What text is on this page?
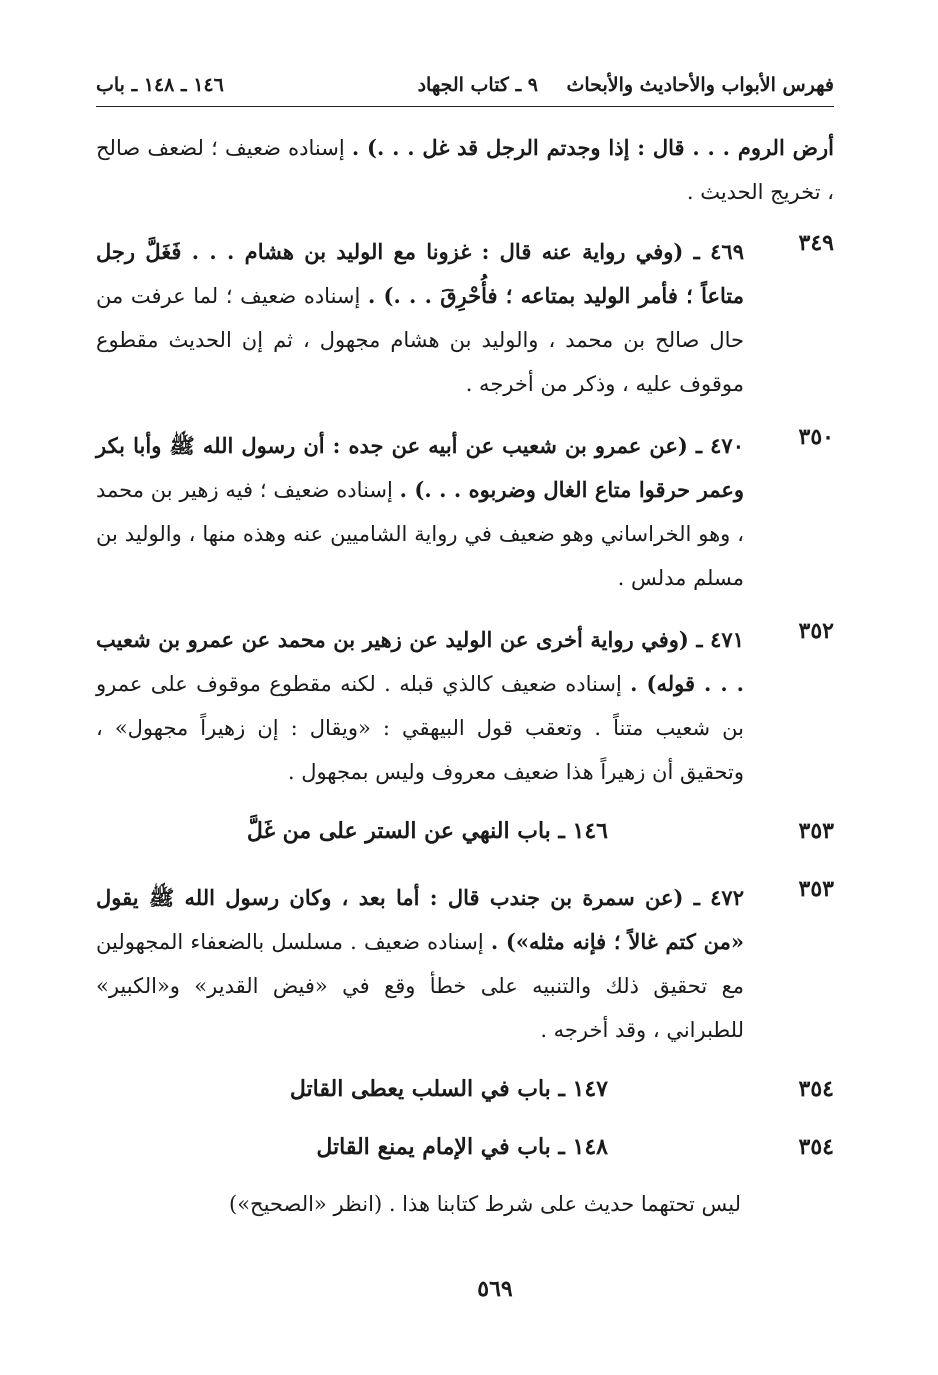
فهرس الأبواب والأحاديث والأبحاث
٩ ـ كتاب الجهاد
١٤٦ ـ ١٤٨ ـ باب
أرض الروم . . . قال : إذا وجدتم الرجل قد غل . . .) . إسناده ضعيف ؛ لضعف صالح ، تخريج الحديث .
٣٤٩
٤٦٩ ـ (وفي رواية عنه قال : غزونا مع الوليد بن هشام . . . فَغَلَّ رجل متاعاً ؛ فأمر الوليد بمتاعه ؛ فأُحْرِقَ . . .) . إسناده ضعيف ؛ لما عرفت من حال صالح بن محمد ، والوليد بن هشام مجهول ، ثم إن الحديث مقطوع موقوف عليه ، وذكر من أخرجه .
٣٥٠
٤٧٠ ـ (عن عمرو بن شعيب عن أبيه عن جده : أن رسول الله ﷺ وأبا بكر وعمر حرقوا متاع الغال وضربوه . . .) . إسناده ضعيف ؛ فيه زهير بن محمد ، وهو الخراساني وهو ضعيف في رواية الشاميين عنه وهذه منها ، والوليد بن مسلم مدلس .
٣٥٢
٤٧١ ـ (وفي رواية أخرى عن الوليد عن زهير بن محمد عن عمرو بن شعيب . . . قوله) . إسناده ضعيف كالذي قبله . لكنه مقطوع موقوف على عمرو بن شعيب متناً . وتعقب قول البيهقي : «ويقال : إن زهيراً مجهول» ، وتحقيق أن زهيراً هذا ضعيف معروف وليس بمجهول .
٣٥٣
١٤٦ ـ باب النهي عن الستر على من غَلَّ
٣٥٣
٤٧٢ ـ (عن سمرة بن جندب قال : أما بعد ، وكان رسول الله ﷺ يقول «من كتم غالاً ؛ فإنه مثله») . إسناده ضعيف . مسلسل بالضعفاء المجهولين مع تحقيق ذلك والتنبيه على خطأ وقع في «فيض القدير» و«الكبير» للطبراني ، وقد أخرجه .
٣٥٤
١٤٧ ـ باب في السلب يعطى القاتل
٣٥٤
١٤٨ ـ باب في الإمام يمنع القاتل
ليس تحتهما حديث على شرط كتابنا هذا . (انظر «الصحيح»)
٥٦٩
